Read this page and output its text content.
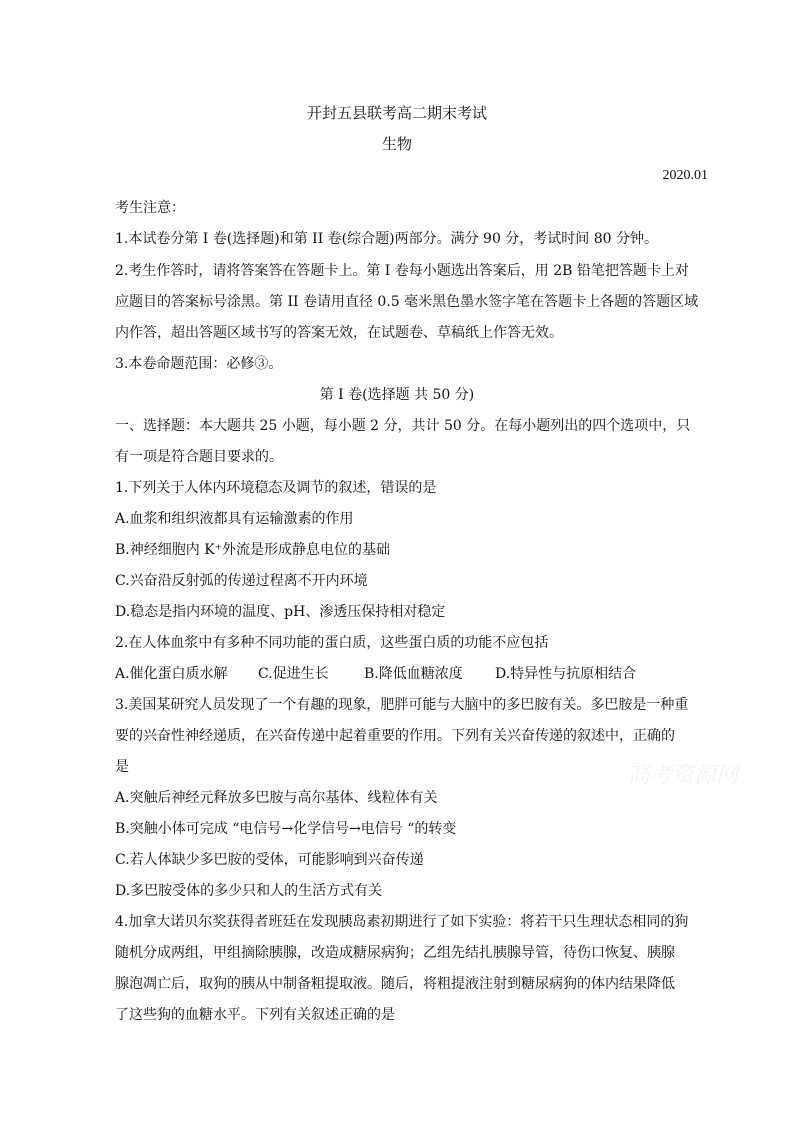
开封五县联考高二期末考试
生物
2020.01
考生注意：
1.本试卷分第 I 卷(选择题)和第 II 卷(综合题)两部分。满分 90 分，考试时间 80 分钟。
2.考生作答时，请将答案答在答题卡上。第 I 卷每小题选出答案后，用 2B 铅笔把答题卡上对
应题目的答案标号涂黑。第 II 卷请用直径 0.5 毫米黑色墨水签字笔在答题卡上各题的答题区域
内作答，超出答题区域书写的答案无效，在试题卷、草稿纸上作答无效。
3.本卷命题范围：必修③。
第 I 卷(选择题 共 50 分)
一、选择题：本大题共 25 小题，每小题 2 分，共计 50 分。在每小题列出的四个选项中，只
有一项是符合题目要求的。
1.下列关于人体内环境稳态及调节的叙述，错误的是
A.血浆和组织液都具有运输激素的作用
B.神经细胞内 K⁺外流是形成静息电位的基础
C.兴奋沿反射弧的传递过程离不开内环境
D.稳态是指内环境的温度、pH、渗透压保持相对稳定
2.在人体血浆中有多种不同功能的蛋白质，这些蛋白质的功能不应包括
A.催化蛋白质水解 C.促进生长	B.降低血糖浓度 D.特异性与抗原相结合
3.美国某研究人员发现了一个有趣的现象，肥胖可能与大脑中的多巴胺有关。多巴胺是一种重
要的兴奋性神经递质，在兴奋传递中起着重要的作用。下列有关兴奋传递的叙述中，正确的
是
A.突触后神经元释放多巴胺与高尔基体、线粒体有关
B.突触小体可完成 “电信号→化学信号→电信号 “的转变
C.若人体缺少多巴胺的受体，可能影响到兴奋传递
D.多巴胺受体的多少只和人的生活方式有关
4.加拿大诺贝尔奖获得者班廷在发现胰岛素初期进行了如下实验：将若干只生理状态相同的狗
随机分成两组，甲组摘除胰腺，改造成糖尿病狗；乙组先结扎胰腺导管，待伤口恢复、胰腺
腺泡凋亡后，取狗的胰从中制备粗提取液。随后，将粗提液注射到糖尿病狗的体内结果降低
了这些狗的血糖水平。下列有关叙述正确的是
高考资源网
